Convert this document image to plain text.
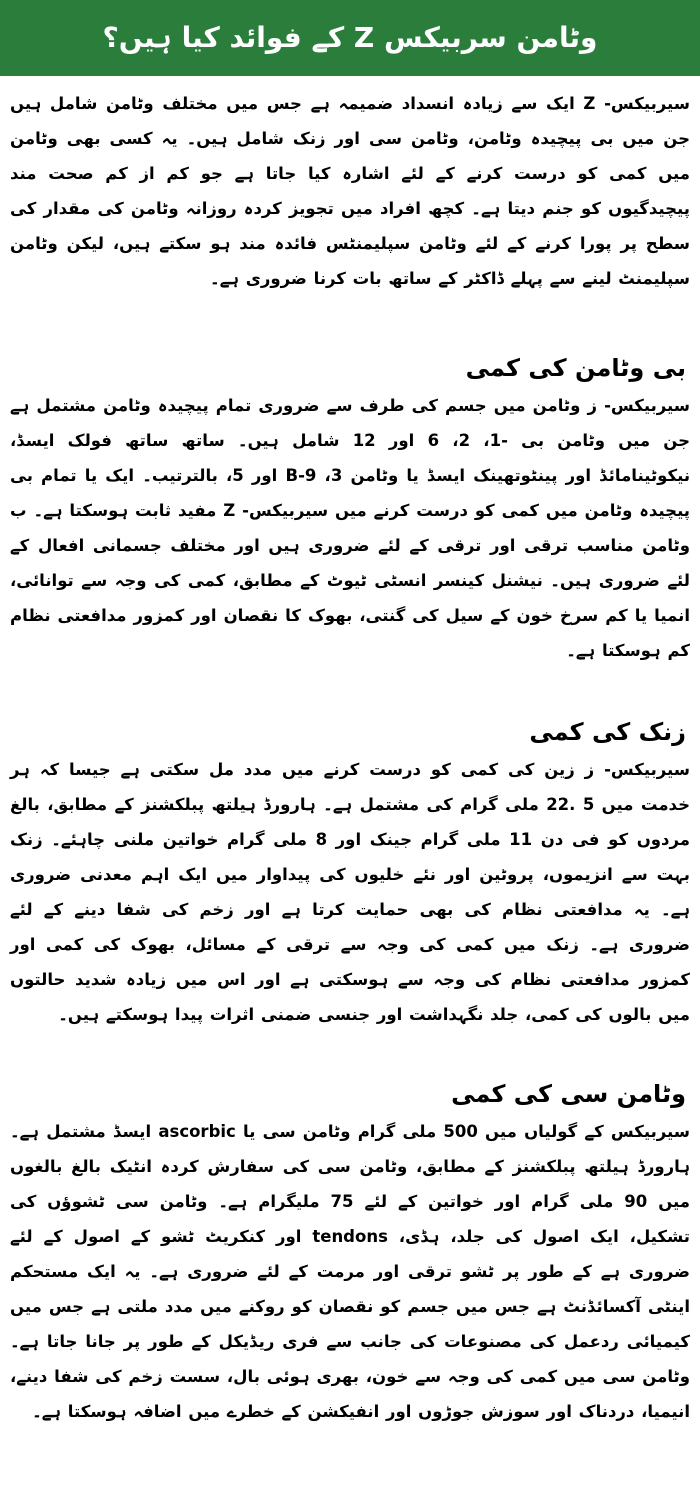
وٹامن سربیکس Z کے فوائد کیا ہیں؟

سیربیکس- Z ایک سے زیادہ انسداد ضمیمہ ہے جس میں مختلف وٹامن شامل ہیں جن میں بی پیچیدہ وٹامن، وٹامن سی اور زنک شامل ہیں۔ یہ کسی بھی وٹامن میں کمی کو درست کرنے کے لئے اشارہ کیا جاتا ہے جو کم از کم صحت مند پیچیدگیوں کو جنم دیتا ہے۔ کچھ افراد میں تجویز کردہ روزانہ وٹامن کی مقدار کی سطح پر پورا کرنے کے لئے وٹامن سپلیمنٹس فائدہ مند ہو سکتے ہیں، لیکن وٹامن سپلیمنٹ لینے سے پہلے ڈاکٹر کے ساتھ بات کرنا ضروری ہے۔

بی وٹامن کی کمی

سیربیکس- ز وٹامن میں جسم کی طرف سے ضروری تمام پیچیدہ وٹامن مشتمل ہے جن میں وٹامن بی -1، 2، 6 اور 12 شامل ہیں۔ ساتھ ساتھ فولک ایسڈ، نیکوٹینامائڈ اور پینٹوتھینک ایسڈ یا وٹامن 3، B-9 اور 5، بالترتیب۔ ایک یا تمام بی پیچیدہ وٹامن میں کمی کو درست کرنے میں سیربیکس- Z مفید ثابت ہوسکتا ہے۔ ب وٹامن مناسب ترقی اور ترقی کے لئے ضروری ہیں اور مختلف جسمانی افعال کے لئے ضروری ہیں۔ نیشنل کینسر انسٹی ٹیوٹ کے مطابق، کمی کی وجہ سے توانائی، انمیا یا کم سرخ خون کے سیل کی گنتی، بھوک کا نقصان اور کمزور مدافعتی نظام کم ہوسکتا ہے۔

زنک کی کمی

سیربیکس- ز زین کی کمی کو درست کرنے میں مدد مل سکتی ہے جیسا کہ ہر خدمت میں 5 .22 ملی گرام کی مشتمل ہے۔ ہارورڈ ہیلتھ پبلکشنز کے مطابق، بالغ مردوں کو فی دن 11 ملی گرام جینک اور 8 ملی گرام خواتین ملنی چاہئے۔ زنک بہت سے انزیموں، پروٹین اور نئے خلیوں کی پیداوار میں ایک اہم معدنی ضروری ہے۔ یہ مدافعتی نظام کی بھی حمایت کرتا ہے اور زخم کی شفا دینے کے لئے ضروری ہے۔ زنک میں کمی کی وجہ سے ترقی کے مسائل، بھوک کی کمی اور کمزور مدافعتی نظام کی وجہ سے ہوسکتی ہے اور اس میں زیادہ شدید حالتوں میں بالوں کی کمی، جلد نگہداشت اور جنسی ضمنی اثرات پیدا ہوسکتے ہیں۔

وٹامن سی کی کمی

سیربیکس کے گولیاں میں 500 ملی گرام وٹامن سی یا ascorbic ایسڈ مشتمل ہے۔ ہارورڈ ہیلتھ پبلکشنز کے مطابق، وٹامن سی کی سفارش کردہ انٹیک بالغ بالغوں میں 90 ملی گرام اور خواتین کے لئے 75 ملیگرام ہے۔ وٹامن سی ٹشوؤں کی تشکیل، ایک اصول کی جلد، ہڈی، tendons اور کنکریٹ ٹشو کے اصول کے لئے ضروری ہے کے طور پر ٹشو ترقی اور مرمت کے لئے ضروری ہے۔ یہ ایک مستحکم اینٹی آکسائڈنٹ ہے جس میں جسم کو نقصان کو روکنے میں مدد ملتی ہے جس میں کیمیائی ردعمل کی مصنوعات کی جانب سے فری ریڈیکل کے طور پر جانا جاتا ہے۔ وٹامن سی میں کمی کی وجہ سے خون، بھری ہوئی بال، سست زخم کی شفا دینے، انیمیا، دردناک اور سوزش جوڑوں اور انفیکشن کے خطرے میں اضافہ ہوسکتا ہے۔
